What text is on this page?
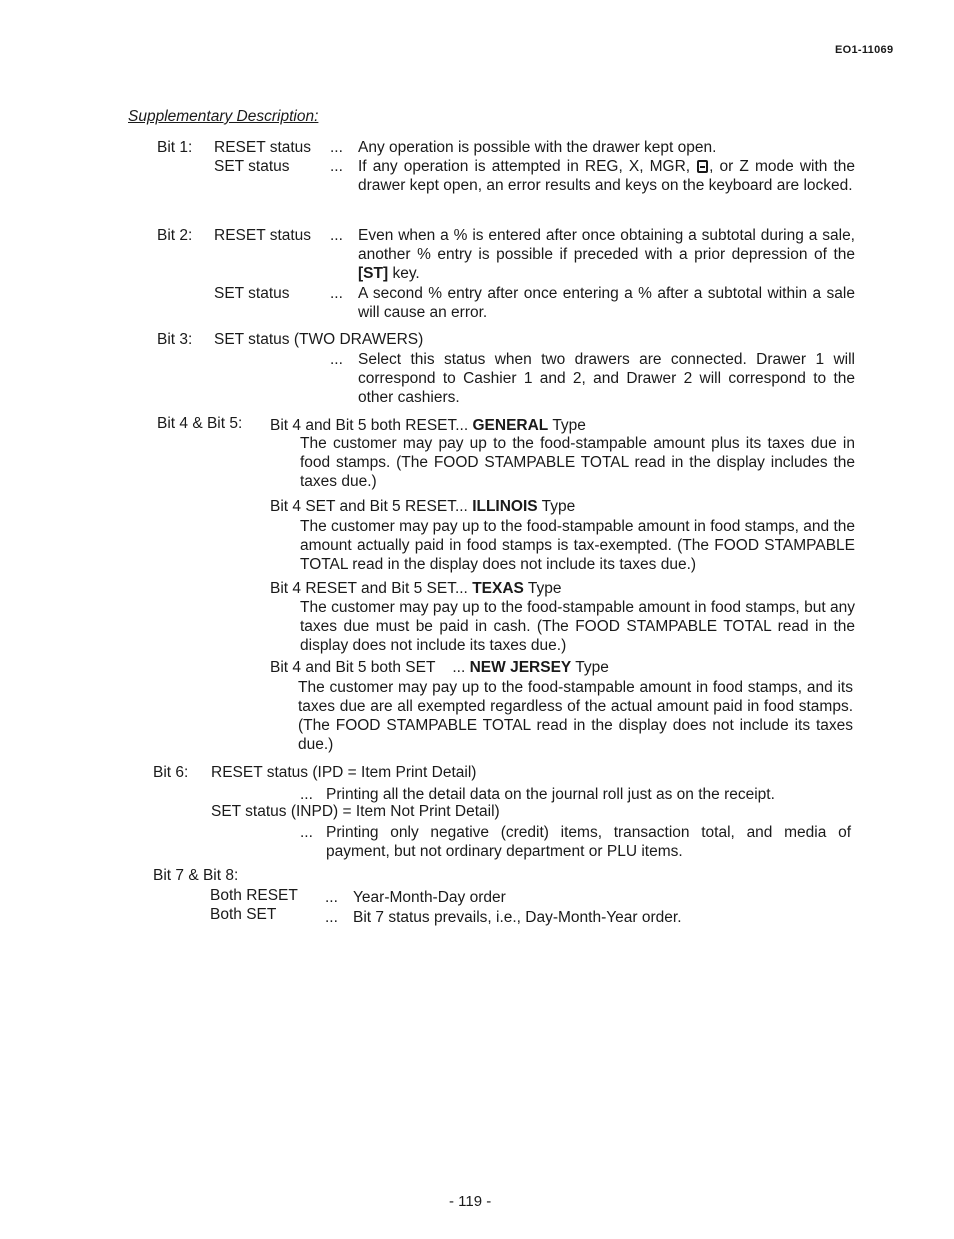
EO1-11069
Supplementary Description:
Bit 1: RESET status ... Any operation is possible with the drawer kept open.
SET status	... If any operation is attempted in REG, X, MGR, , or Z mode with the drawer kept open, an error results and keys on the keyboard are locked.
Bit 2: RESET status ... Even when a % is entered after once obtaining a subtotal during a sale, another % entry is possible if preceded with a prior depression of the [ST] key.
SET status	... A second % entry after once entering a % after a subtotal within a sale will cause an error.
Bit 3: SET status (TWO DRAWERS)
... Select this status when two drawers are connected. Drawer 1 will correspond to Cashier 1 and 2, and Drawer 2 will correspond to the other cashiers.
Bit 4 & Bit 5: Bit 4 and Bit 5 both RESET... GENERAL Type
The customer may pay up to the food-stampable amount plus its taxes due in food stamps. (The FOOD STAMPABLE TOTAL read in the display includes the taxes due.)
Bit 4 SET and Bit 5 RESET... ILLINOIS Type
The customer may pay up to the food-stampable amount in food stamps, and the amount actually paid in food stamps is tax-exempted. (The FOOD STAMPABLE TOTAL read in the display does not include its taxes due.)
Bit 4 RESET and Bit 5 SET... TEXAS Type
The customer may pay up to the food-stampable amount in food stamps, but any taxes due must be paid in cash. (The FOOD STAMPABLE TOTAL read in the display does not include its taxes due.)
Bit 4 and Bit 5 both SET    ... NEW JERSEY Type
The customer may pay up to the food-stampable amount in food stamps, and its taxes due are all exempted regardless of the actual amount paid in food stamps. (The FOOD STAMPABLE TOTAL read in the display does not include its taxes due.)
Bit 6: RESET status (IPD = Item Print Detail)
... Printing all the detail data on the journal roll just as on the receipt.
SET status (INPD) = Item Not Print Detail)
... Printing only negative (credit) items, transaction total, and media of payment, but not ordinary department or PLU items.
Bit 7 & Bit 8:
Both RESET ... Year-Month-Day order
Both SET	... Bit 7 status prevails, i.e., Day-Month-Year order.
- 119 -
